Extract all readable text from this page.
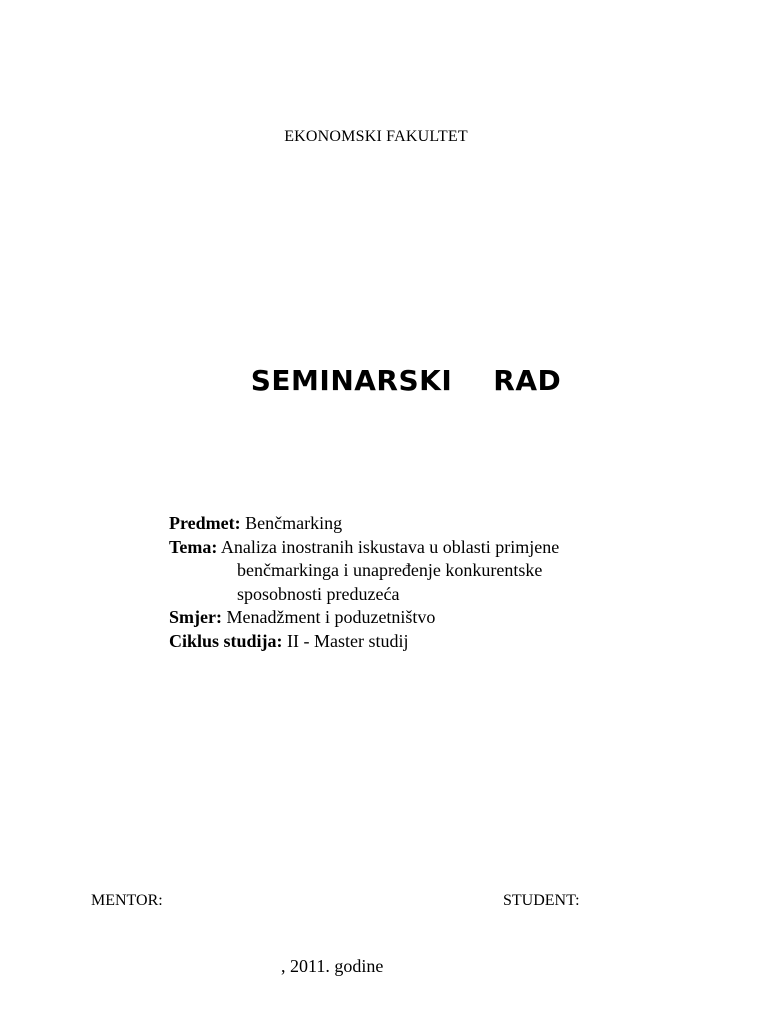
EKONOMSKI FAKULTET
SEMINARSKI    RAD
Predmet: Benčmarking
Tema: Analiza inostranih iskustava u oblasti primjene
benčmarkinga i unapređenje konkurentske
sposobnosti preduzeća
Smjer: Menadžment i poduzetništvo
Ciklus studija: II - Master studij
MENTOR:	STUDENT:
, 2011. godine
